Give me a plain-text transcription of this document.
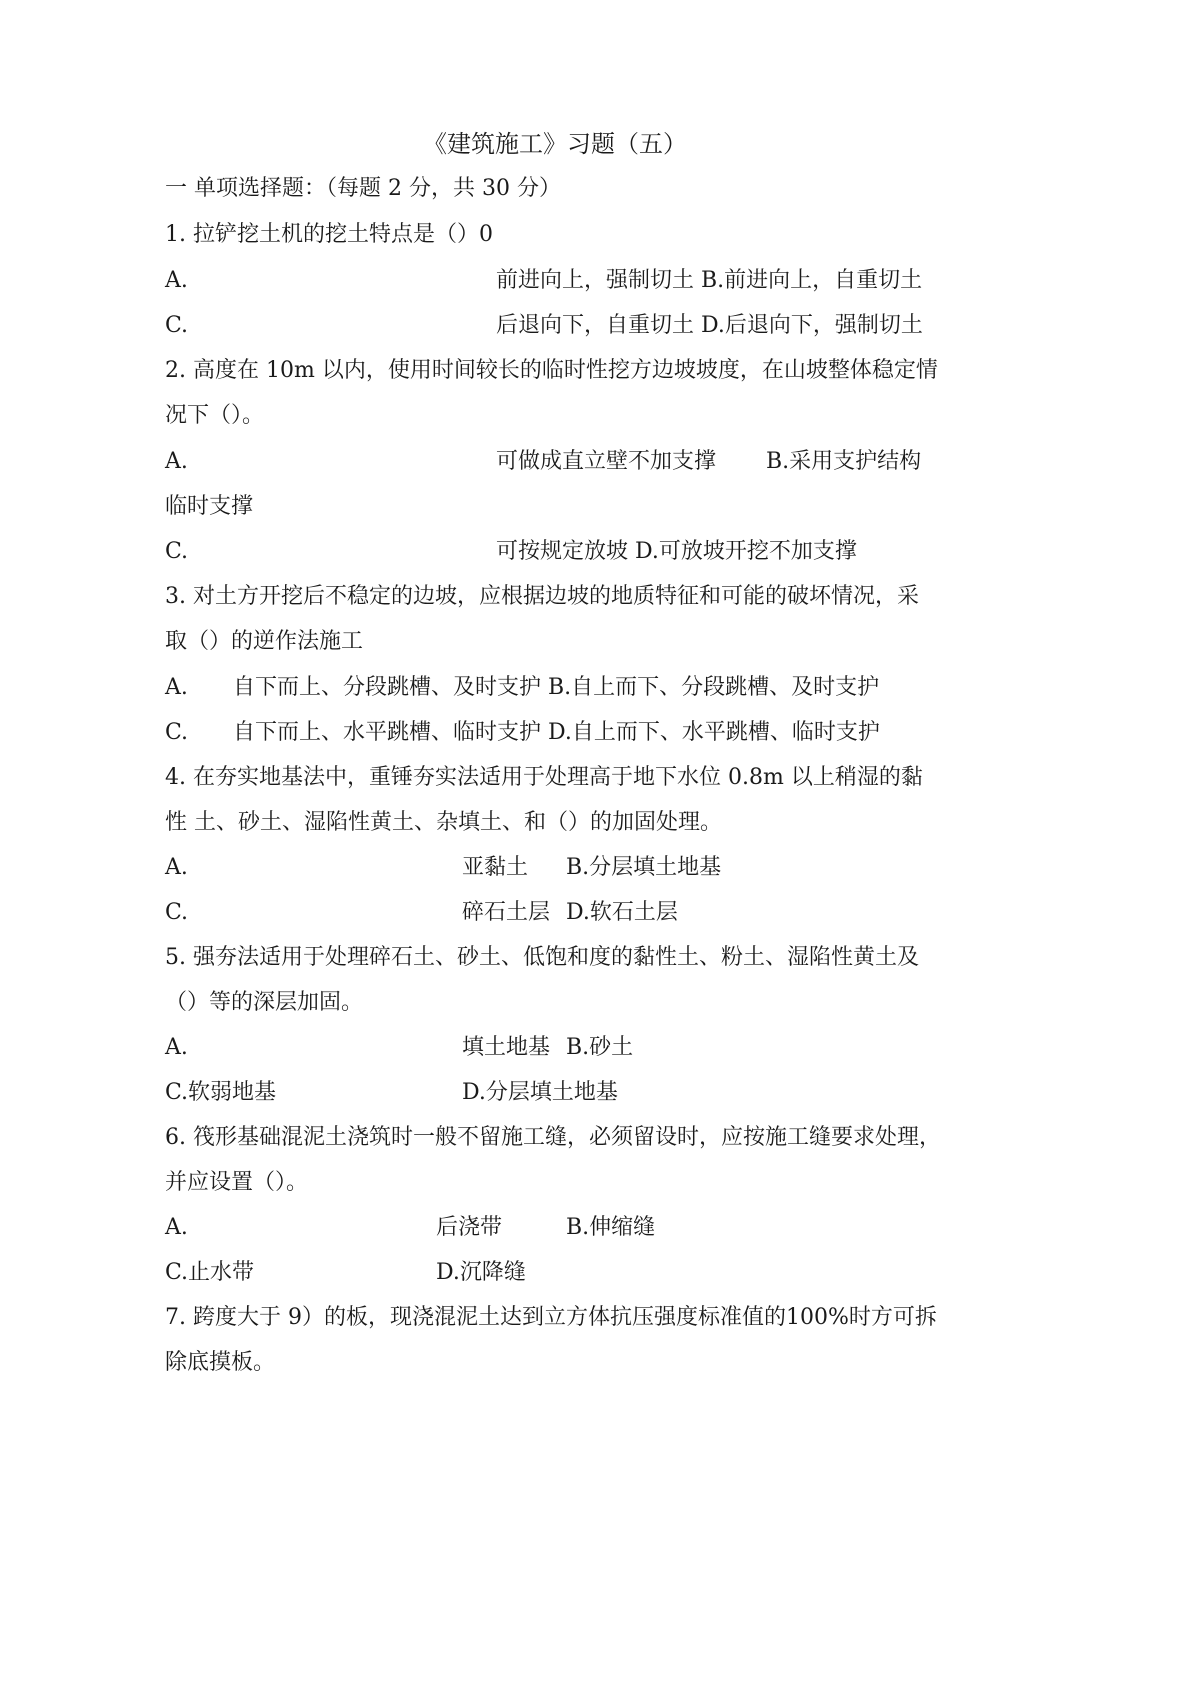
《建筑施工》习题（五）
一 单项选择题：（每题 2 分，共 30 分）
1. 拉铲挖土机的挖土特点是（）0
A.	前进向上，强制切土 B.前进向上，自重切土
C.	后退向下，自重切土 D.后退向下，强制切土
2. 高度在 10m 以内，使用时间较长的临时性挖方边坡坡度，在山坡整体稳定情
况下（）。
A.	可做成直立壁不加支撑 B.采用支护结构
临时支撑
C.	可按规定放坡 D.可放坡开挖不加支撑
3. 对土方开挖后不稳定的边坡，应根据边坡的地质特征和可能的破坏情况，采
取（）的逆作法施工
A. 自下而上、分段跳槽、及时支护 B.自上而下、分段跳槽、及时支护
C. 自下而上、水平跳槽、临时支护 D.自上而下、水平跳槽、临时支护
4. 在夯实地基法中，重锤夯实法适用于处理高于地下水位 0.8m 以上稍湿的黏
性 土、砂土、湿陷性黄土、杂填土、和（）的加固处理。
A.	亚黏土 B.分层填土地基
C.	碎石土层 D.软石土层
5. 强夯法适用于处理碎石土、砂土、低饱和度的黏性土、粉土、湿陷性黄土及
（）等的深层加固。
A.	填土地基 B.砂土
C.软弱地基	D.分层填土地基
6. 筏形基础混泥土浇筑时一般不留施工缝，必须留设时，应按施工缝要求处理，
并应设置（）。
A.	后浇带	B.伸缩缝
C.止水带	D.沉降缝
7. 跨度大于 9）的板，现浇混泥土达到立方体抗压强度标准值的100%时方可拆
除底摸板。
